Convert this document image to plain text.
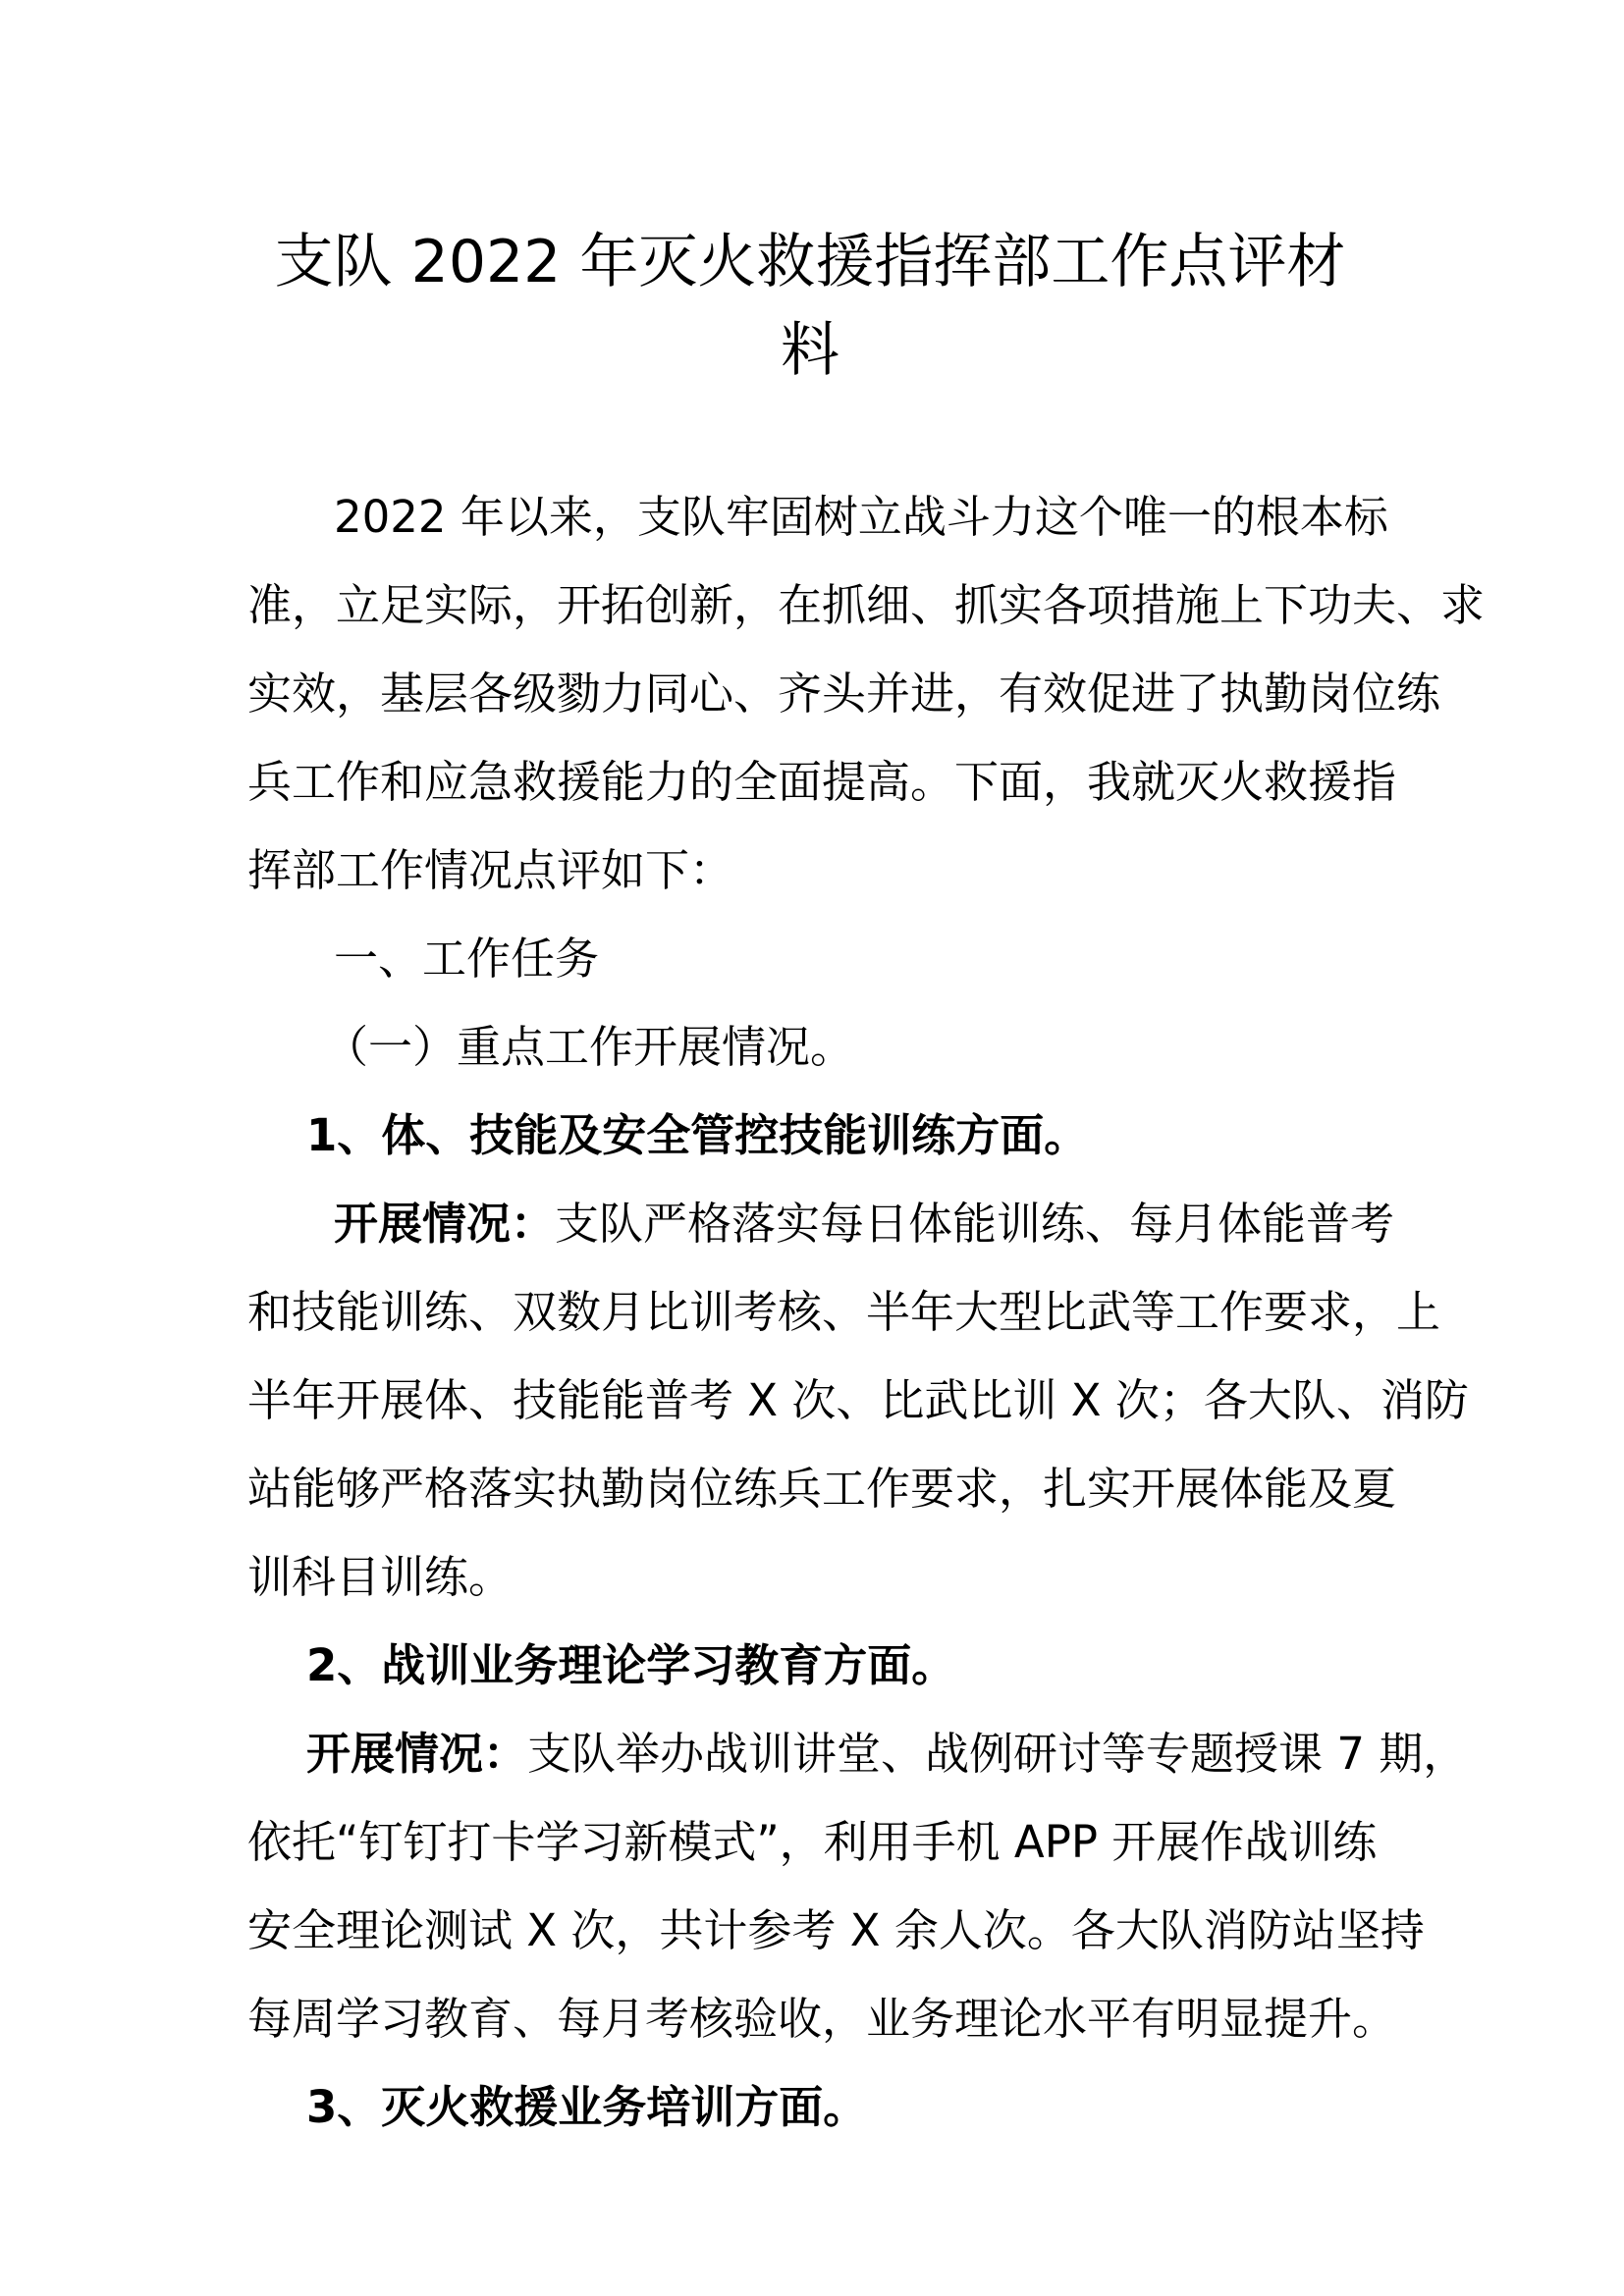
支队 2022 年灭火救援指挥部工作点评材
料
2022 年以来，支队牢固树立战斗力这个唯一的根本标
准，立足实际，开拓创新，在抓细、抓实各项措施上下功夫、求
实效，基层各级勠力同心、齐头并进，有效促进了执勤岗位练
兵工作和应急救援能力的全面提高。下面，我就灭火救援指
挥部工作情况点评如下：
一、工作任务
（一）重点工作开展情况。
1、体、技能及安全管控技能训练方面。
开展情况：支队严格落实每日体能训练、每月体能普考
和技能训练、双数月比训考核、半年大型比武等工作要求，上
半年开展体、技能能普考 X 次、比武比训 X 次；各大队、消防
站能够严格落实执勤岗位练兵工作要求，扎实开展体能及夏
训科目训练。
2、战训业务理论学习教育方面。
开展情况：支队举办战训讲堂、战例研讨等专题授课 7 期，
依托“钉钉打卡学习新模式”，利用手机 APP 开展作战训练
安全理论测试 X 次，共计参考 X 余人次。各大队消防站坚持
每周学习教育、每月考核验收，业务理论水平有明显提升。
3、灭火救援业务培训方面。
